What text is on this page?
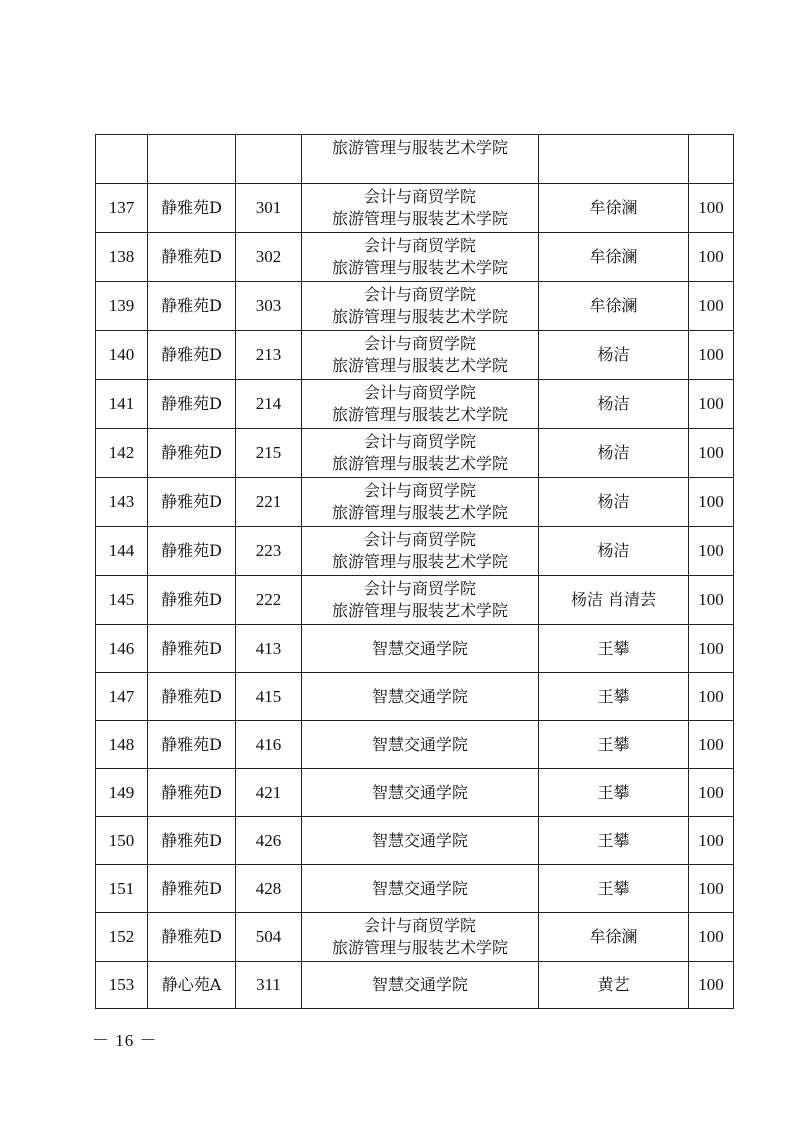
			旅游管理与服装艺术学院		

137	静雅苑D	301	会计与商贸学院
旅游管理与服装艺术学院	牟徐澜	100
138	静雅苑D	302	会计与商贸学院
旅游管理与服装艺术学院	牟徐澜	100
139	静雅苑D	303	会计与商贸学院
旅游管理与服装艺术学院	牟徐澜	100
140	静雅苑D	213	会计与商贸学院
旅游管理与服装艺术学院	杨洁	100
141	静雅苑D	214	会计与商贸学院
旅游管理与服装艺术学院	杨洁	100
142	静雅苑D	215	会计与商贸学院
旅游管理与服装艺术学院	杨洁	100
143	静雅苑D	221	会计与商贸学院
旅游管理与服装艺术学院	杨洁	100
144	静雅苑D	223	会计与商贸学院
旅游管理与服装艺术学院	杨洁	100
145	静雅苑D	222	会计与商贸学院
旅游管理与服装艺术学院	杨洁 肖清芸	100
146	静雅苑D	413	智慧交通学院	王攀	100
147	静雅苑D	415	智慧交通学院	王攀	100
148	静雅苑D	416	智慧交通学院	王攀	100
149	静雅苑D	421	智慧交通学院	王攀	100
150	静雅苑D	426	智慧交通学院	王攀	100
151	静雅苑D	428	智慧交通学院	王攀	100
152	静雅苑D	504	会计与商贸学院
旅游管理与服装艺术学院	牟徐澜	100
153	静心苑A	311	智慧交通学院	黄艺	100
－ 16 －
